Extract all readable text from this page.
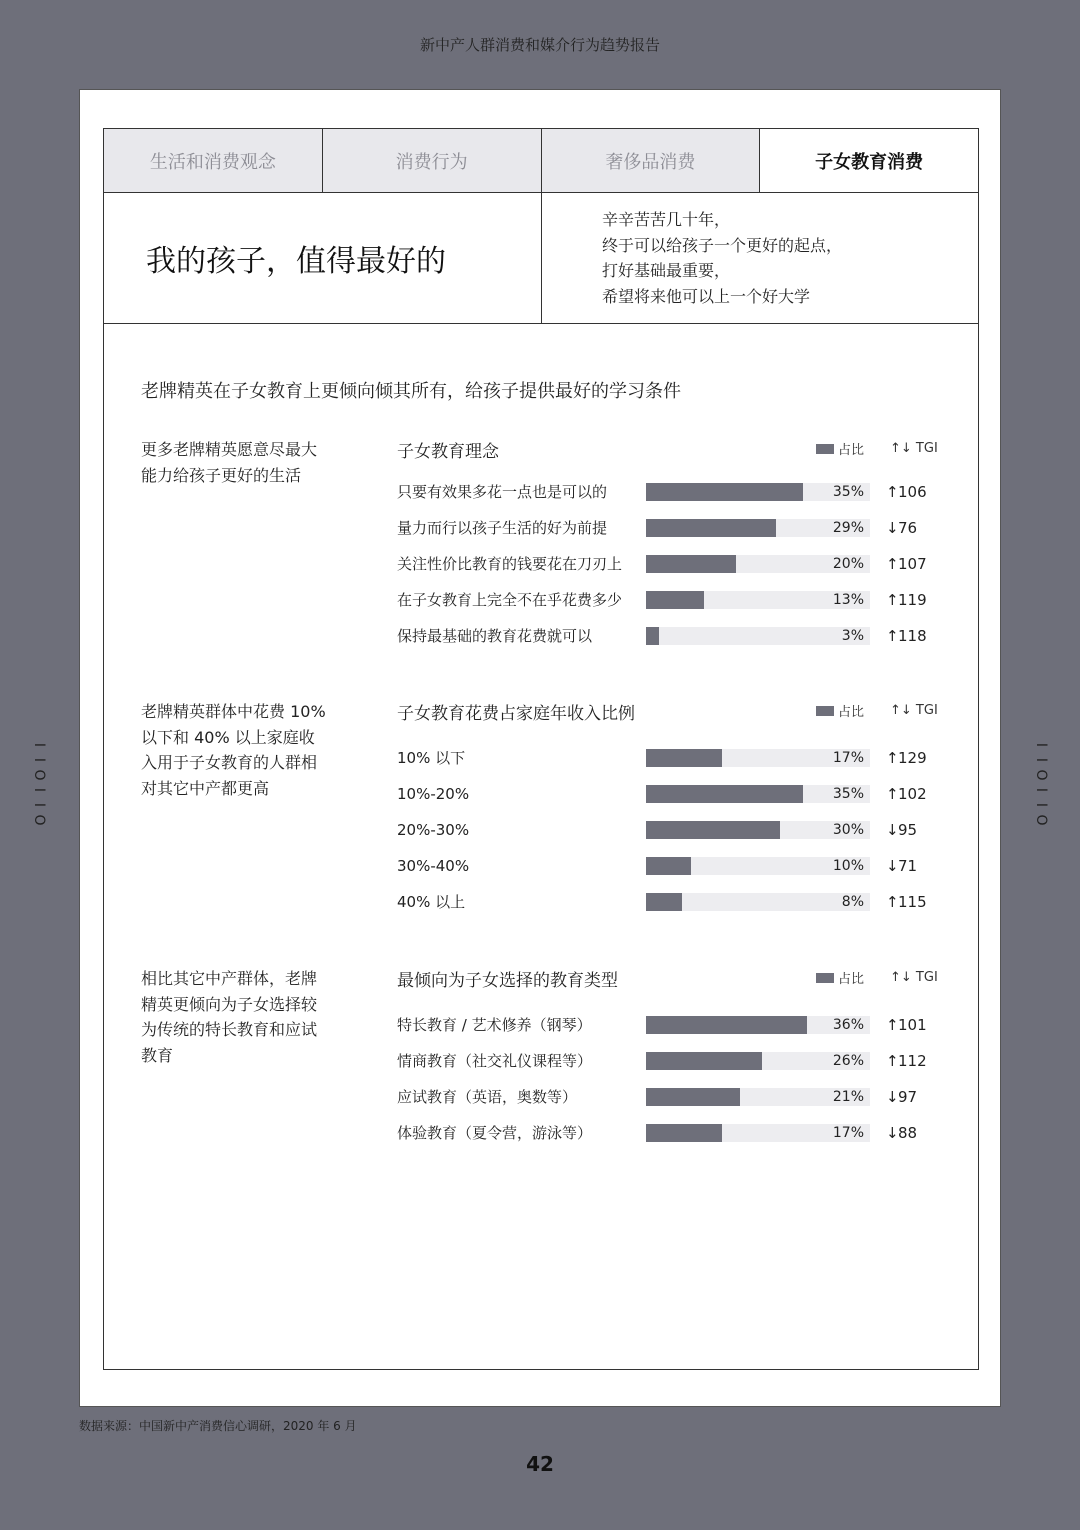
新中产人群消费和媒介行为趋势报告
I
I
O
I
I
O
I
I
O
I
I
O
生活和消费观念	消费行为	奢侈品消费	子女教育消费
我的孩子，值得最好的
辛辛苦苦几十年，
终于可以给孩子一个更好的起点，
打好基础最重要，
希望将来他可以上一个好大学
老牌精英在子女教育上更倾向倾其所有，给孩子提供最好的学习条件
更多老牌精英愿意尽最大
能力给孩子更好的生活
子女教育理念	占比 ↑↓ TGI
只要有效果多花一点也是可以的	35% ↑106
量力而行以孩子生活的好为前提	29% ↓76
关注性价比教育的钱要花在刀刃上	20% ↑107
在子女教育上完全不在乎花费多少	13% ↑119
保持最基础的教育花费就可以	3% ↑118
老牌精英群体中花费 10%
以下和 40% 以上家庭收
入用于子女教育的人群相
对其它中产都更高
子女教育花费占家庭年收入比例	占比 ↑↓ TGI
10% 以下	17% ↑129
10%-20%	35% ↑102
20%-30%	30% ↓95
30%-40%	10% ↓71
40% 以上	8% ↑115
相比其它中产群体，老牌
精英更倾向为子女选择较
为传统的特长教育和应试
教育
最倾向为子女选择的教育类型	占比 ↑↓ TGI
特长教育 / 艺术修养（钢琴）	36% ↑101
情商教育（社交礼仪课程等）	26% ↑112
应试教育（英语，奥数等）	21% ↓97
体验教育（夏令营，游泳等）	17% ↓88
数据来源：中国新中产消费信心调研，2020 年 6 月
42
